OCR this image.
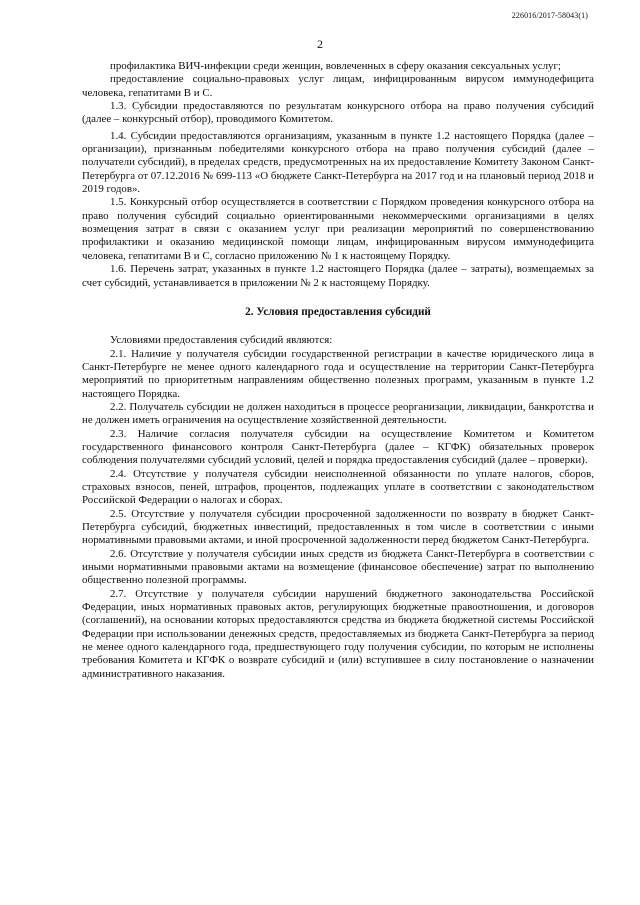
226016/2017-58043(1)
2

профилактика ВИЧ-инфекции среди женщин, вовлеченных в сферу оказания сексуальных услуг;

предоставление социально-правовых услуг лицам, инфицированным вирусом иммунодефицита человека, гепатитами В и С.

1.3. Субсидии предоставляются по результатам конкурсного отбора на право получения субсидий (далее – конкурсный отбор), проводимого Комитетом.

1.4. Субсидии предоставляются организациям, указанным в пункте 1.2 настоящего Порядка (далее – организации), признанным победителями конкурсного отбора на право получения субсидий (далее – получатели субсидий), в пределах средств, предусмотренных на их предоставление Комитету Законом Санкт-Петербурга от 07.12.2016 № 699-113 «О бюджете Санкт-Петербурга на 2017 год и на плановый период 2018 и 2019 годов».

1.5. Конкурсный отбор осуществляется в соответствии с Порядком проведения конкурсного отбора на право получения субсидий социально ориентированными некоммерческими организациями в целях возмещения затрат в связи с оказанием услуг при реализации мероприятий по совершенствованию профилактики и оказанию медицинской помощи лицам, инфицированным вирусом иммунодефицита человека, гепатитами В и С, согласно приложению № 1 к настоящему Порядку.

1.6. Перечень затрат, указанных в пункте 1.2 настоящего Порядка (далее – затраты), возмещаемых за счет субсидий, устанавливается в приложении № 2 к настоящему Порядку.

2. Условия предоставления субсидий

Условиями предоставления субсидий являются:

2.1. Наличие у получателя субсидии государственной регистрации в качестве юридического лица в Санкт-Петербурге не менее одного календарного года и осуществление на территории Санкт-Петербурга мероприятий по приоритетным направлениям общественно полезных программ, указанным в пункте 1.2 настоящего Порядка.

2.2. Получатель субсидии не должен находиться в процессе реорганизации, ликвидации, банкротства и не должен иметь ограничения на осуществление хозяйственной деятельности.

2.3. Наличие согласия получателя субсидии на осуществление Комитетом и Комитетом государственного финансового контроля Санкт-Петербурга (далее – КГФК) обязательных проверок соблюдения получателями субсидий условий, целей и порядка предоставления субсидий (далее – проверки).

2.4. Отсутствие у получателя субсидии неисполненной обязанности по уплате налогов, сборов, страховых взносов, пеней, штрафов, процентов, подлежащих уплате в соответствии с законодательством Российской Федерации о налогах и сборах.

2.5. Отсутствие у получателя субсидии просроченной задолженности по возврату в бюджет Санкт-Петербурга субсидий, бюджетных инвестиций, предоставленных в том числе в соответствии с иными нормативными правовыми актами, и иной просроченной задолженности перед бюджетом Санкт-Петербурга.

2.6. Отсутствие у получателя субсидии иных средств из бюджета Санкт-Петербурга в соответствии с иными нормативными правовыми актами на возмещение (финансовое обеспечение) затрат по выполнению общественно полезной программы.

2.7. Отсутствие у получателя субсидии нарушений бюджетного законодательства Российской Федерации, иных нормативных правовых актов, регулирующих бюджетные правоотношения, и договоров (соглашений), на основании которых предоставляются средства из бюджета бюджетной системы Российской Федерации при использовании денежных средств, предоставляемых из бюджета Санкт-Петербурга за период не менее одного календарного года, предшествующего году получения субсидии, по которым не исполнены требования Комитета и КГФК о возврате субсидий и (или) вступившее в силу постановление о назначении административного наказания.
